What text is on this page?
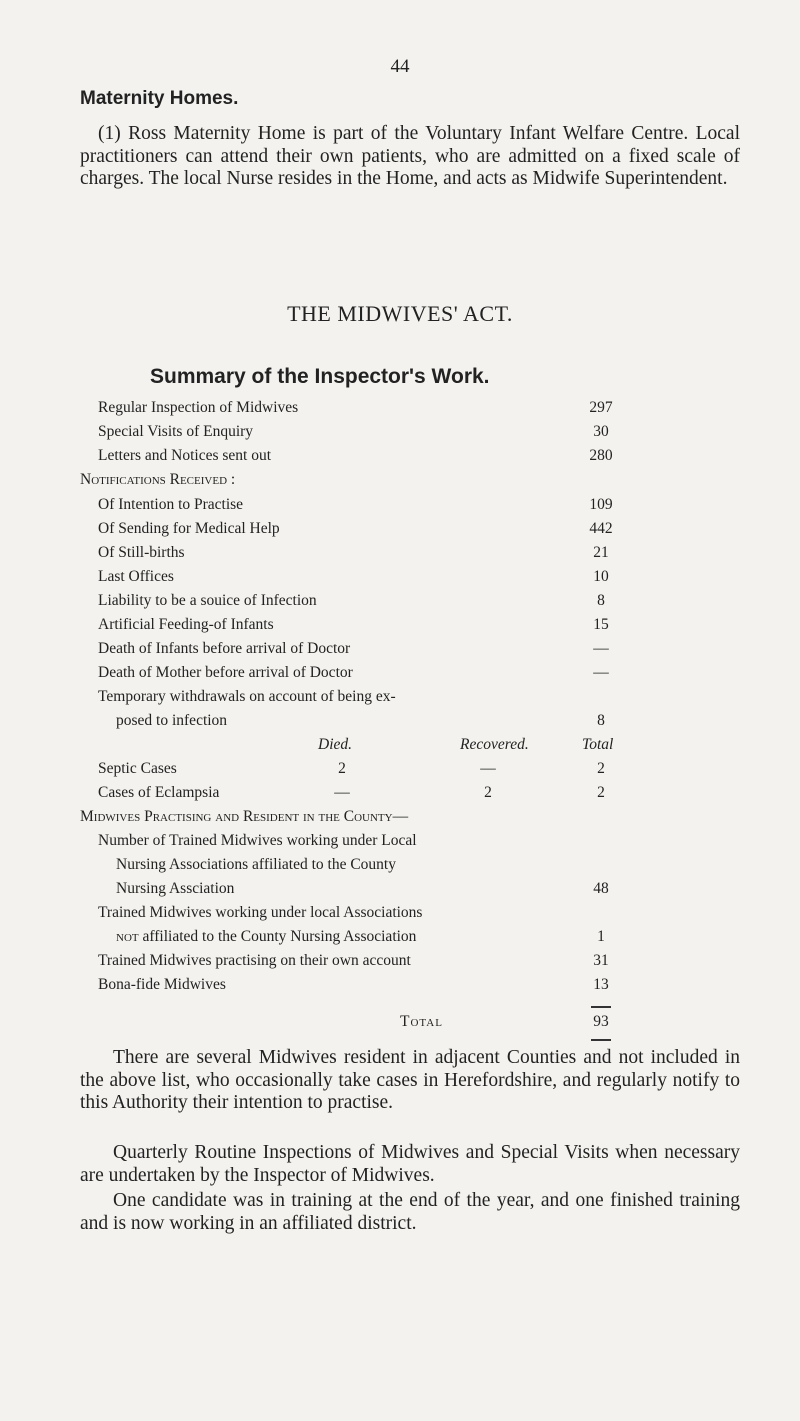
44
Maternity Homes.
(1) Ross Maternity Home is part of the Voluntary Infant Welfare Centre. Local practitioners can attend their own patients, who are admitted on a fixed scale of charges. The local Nurse resides in the Home, and acts as Midwife Superintendent.
THE MIDWIVES' ACT.
Summary of the Inspector's Work.
Regular Inspection of Midwives	297
Special Visits of Enquiry	30
Letters and Notices sent out	280
Notifications Received :
Of Intention to Practise	109
Of Sending for Medical Help	442
Of Still-births	21
Last Offices	10
Liability to be a souice of Infection	8
Artificial Feeding-of Infants	15
Death of Infants before arrival of Doctor	—
Death of Mother before arrival of Doctor	—
Temporary withdrawals on account of being ex-
posed to infection	8
Died.	Recovered.	Total
Septic Cases	2	—	2
Cases of Eclampsia	—	2	2
Midwives Practising and Resident in the County—
Number of Trained Midwives working under Local
Nursing Associations affiliated to the County
Nursing Assciation	48
Trained Midwives working under local Associations
not affiliated to the County Nursing Association	1
Trained Midwives practising on their own account	31
Bona-fide Midwives	13
Total	93
There are several Midwives resident in adjacent Counties and not included in the above list, who occasionally take cases in Herefordshire, and regularly notify to this Authority their intention to practise.
Quarterly Routine Inspections of Midwives and Special Visits when necessary are undertaken by the Inspector of Midwives.
One candidate was in training at the end of the year, and one finished training and is now working in an affiliated district.
